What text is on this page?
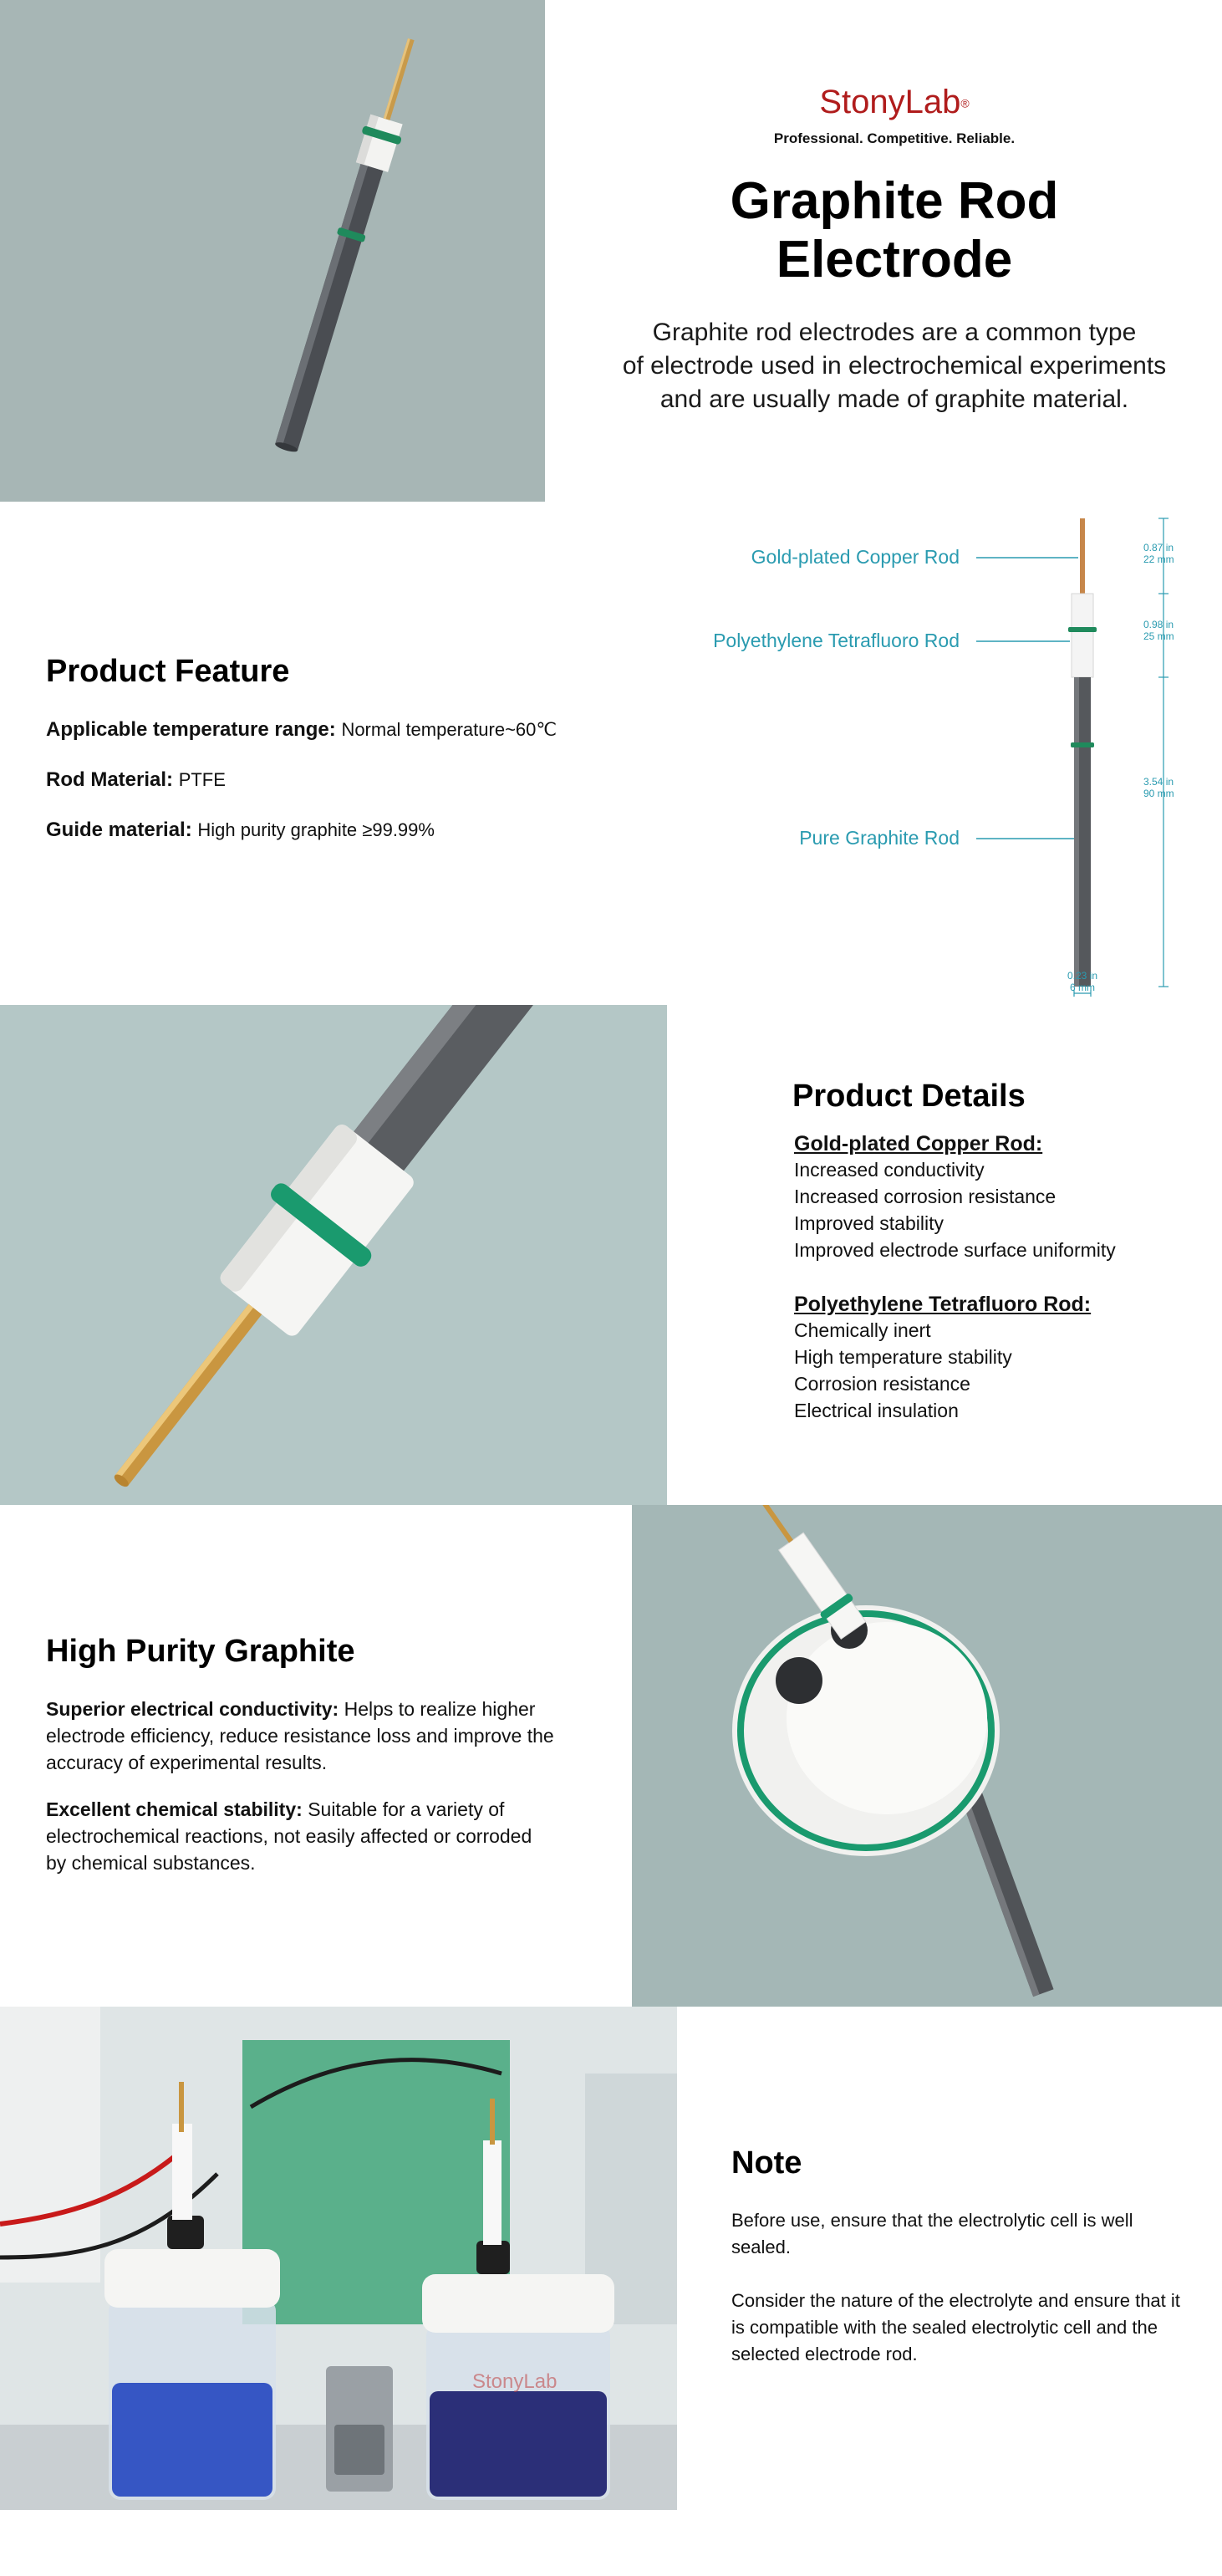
StonyLab®
Professional. Competitive. Reliable.
Graphite Rod
Electrode
Graphite rod electrodes are a common type
of electrode used in electrochemical experiments
and are usually made of graphite material.
Product Feature
Applicable temperature range: Normal temperature~60℃
Rod Material: PTFE
Guide material: High purity graphite ≥99.99%
Gold-plated Copper Rod
Polyethylene Tetrafluoro Rod
Pure Graphite Rod
0.87 in
22 mm
0.98 in
25 mm
3.54 in
90 mm
0.23 in
6 mm
Product Details
Gold-plated Copper Rod:
Increased conductivity
Increased corrosion resistance
Improved stability
Improved electrode surface uniformity
Polyethylene Tetrafluoro Rod:
Chemically inert
High temperature stability
Corrosion resistance
Electrical insulation
High Purity Graphite
Superior electrical conductivity: Helps to realize higher electrode efficiency, reduce resistance loss and improve the accuracy of experimental results.
Excellent chemical stability: Suitable for a variety of electrochemical reactions, not easily affected or corroded by chemical substances.
StonyLab
Note
Before use, ensure that the electrolytic cell is well sealed.
Consider the nature of the electrolyte and ensure that it is compatible with the sealed electrolytic cell and the selected electrode rod.
